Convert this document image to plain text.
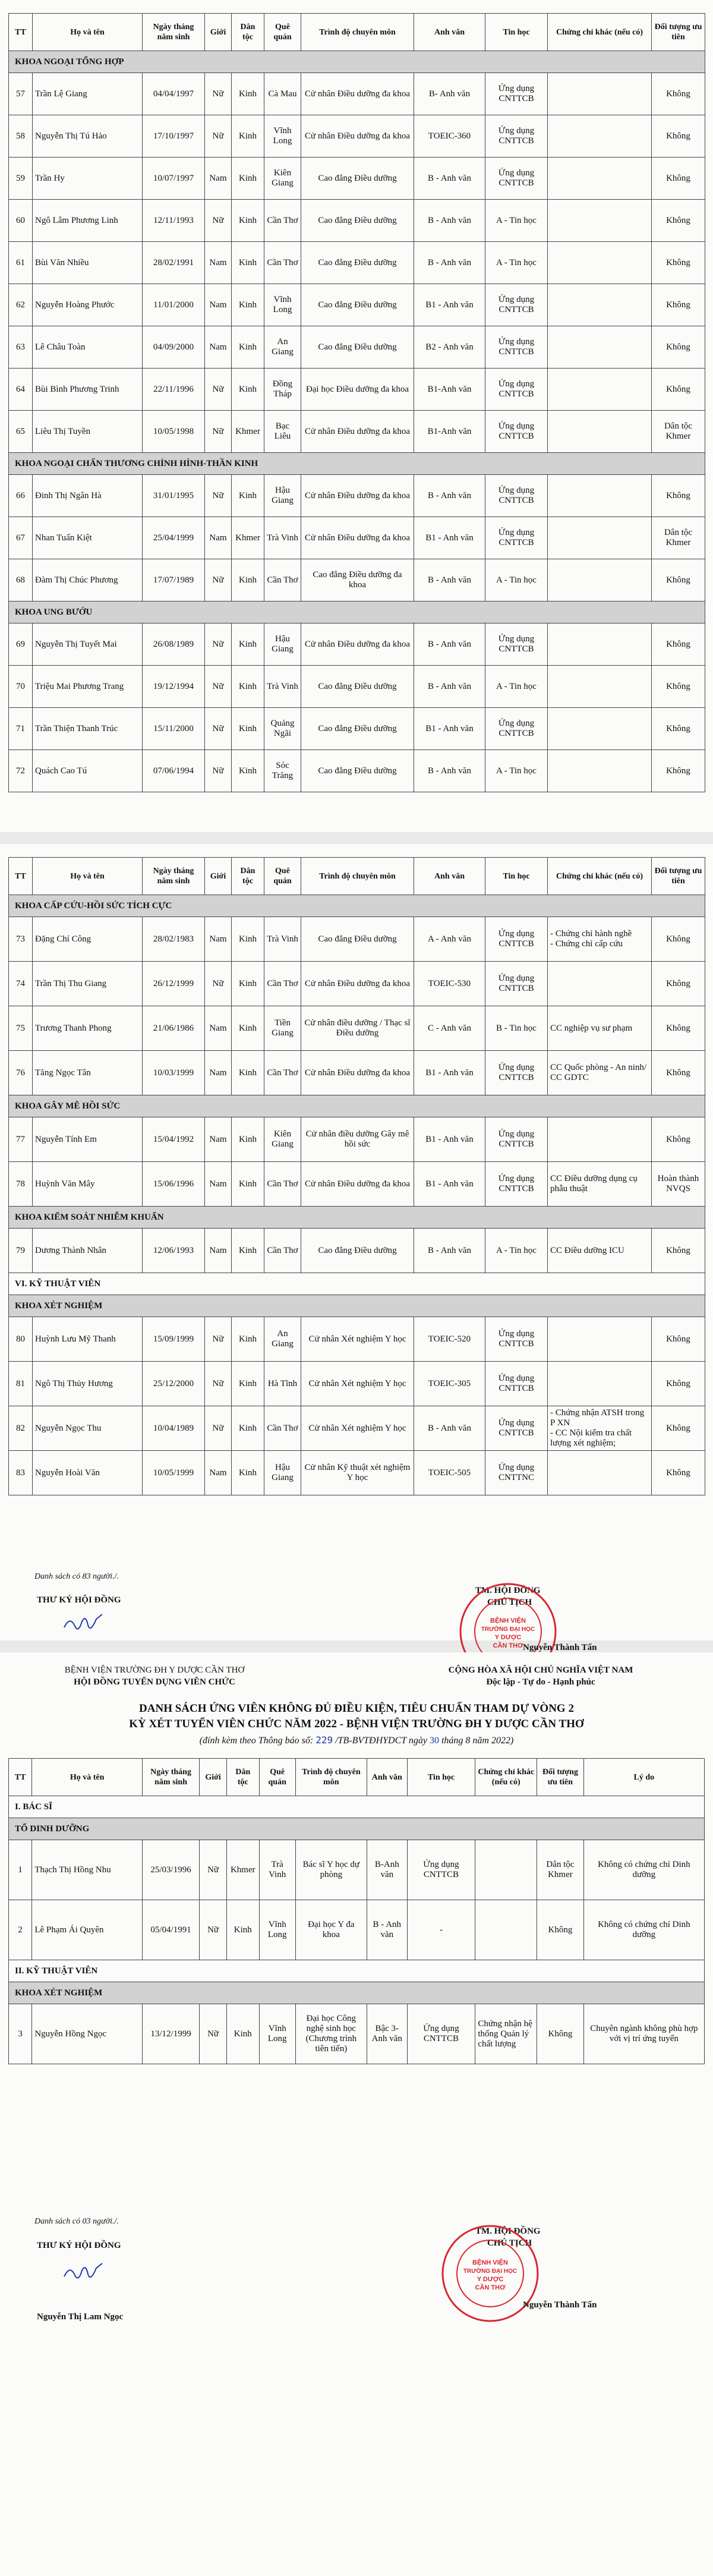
TT	Họ và tên	Ngày tháng năm sinh	Giới	Dân tộc	Quê quán	Trình độ chuyên môn	Anh văn	Tin học	Chứng chỉ khác (nếu có)	Đối tượng ưu tiên
KHOA NGOẠI TỔNG HỢP										
57	Trần Lệ Giang	04/04/1997	Nữ	Kinh	Cà Mau	Cử nhân Điều dưỡng đa khoa	B- Anh văn	Ứng dụng CNTTCB		Không
58	Nguyễn Thị Tú Hảo	17/10/1997	Nữ	Kinh	Vĩnh Long	Cử nhân Điều dưỡng đa khoa	TOEIC-360	Ứng dụng CNTTCB		Không
59	Trần Hy	10/07/1997	Nam	Kinh	Kiên Giang	Cao đẳng Điều dưỡng	B - Anh văn	Ứng dụng CNTTCB		Không
60	Ngô Lâm Phương Linh	12/11/1993	Nữ	Kinh	Cần Thơ	Cao đẳng Điều dưỡng	B - Anh văn	A - Tin học		Không
61	Bùi Văn Nhiều	28/02/1991	Nam	Kinh	Cần Thơ	Cao đẳng Điều dưỡng	B - Anh văn	A - Tin học		Không
62	Nguyễn Hoàng Phước	11/01/2000	Nam	Kinh	Vĩnh Long	Cao đẳng Điều dưỡng	B1 - Anh văn	Ứng dụng CNTTCB		Không
63	Lê Châu Toàn	04/09/2000	Nam	Kinh	An Giang	Cao đẳng Điều dưỡng	B2 - Anh văn	Ứng dụng CNTTCB		Không
64	Bùi Bình Phương Trinh	22/11/1996	Nữ	Kinh	Đồng Tháp	Đại học Điều dưỡng đa khoa	B1-Anh văn	Ứng dụng CNTTCB		Không
65	Liêu Thị Tuyền	10/05/1998	Nữ	Khmer	Bạc Liêu	Cử nhân Điều dưỡng đa khoa	B1-Anh văn	Ứng dụng CNTTCB		Dân tộc Khmer
KHOA NGOẠI CHẤN THƯƠNG CHỈNH HÌNH-THẦN KINH										
66	Đinh Thị Ngân Hà	31/01/1995	Nữ	Kinh	Hậu Giang	Cử nhân Điều dưỡng đa khoa	B - Anh văn	Ứng dụng CNTTCB		Không
67	Nhan Tuấn Kiệt	25/04/1999	Nam	Khmer	Trà Vinh	Cử nhân Điều dưỡng đa khoa	B1 - Anh văn	Ứng dụng CNTTCB		Dân tộc Khmer
68	Đàm Thị Chúc Phương	17/07/1989	Nữ	Kinh	Cần Thơ	Cao đẳng Điều dưỡng đa khoa	B - Anh văn	A - Tin học		Không
KHOA UNG BƯỚU										
69	Nguyễn Thị Tuyết Mai	26/08/1989	Nữ	Kinh	Hậu Giang	Cử nhân Điều dưỡng đa khoa	B - Anh văn	Ứng dụng CNTTCB		Không
70	Triệu Mai Phương Trang	19/12/1994	Nữ	Kinh	Trà Vinh	Cao đẳng Điều dưỡng	B - Anh văn	A - Tin học		Không
71	Trần Thiện Thanh Trúc	15/11/2000	Nữ	Kinh	Quảng Ngãi	Cao đẳng Điều dưỡng	B1 - Anh văn	Ứng dụng CNTTCB		Không
72	Quách Cao Tú	07/06/1994	Nữ	Kinh	Sóc Trăng	Cao đẳng Điều dưỡng	B - Anh văn	A - Tin học		Không
TT	Họ và tên	Ngày tháng năm sinh	Giới	Dân tộc	Quê quán	Trình độ chuyên môn	Anh văn	Tin học	Chứng chỉ khác (nếu có)	Đối tượng ưu tiên
KHOA CẤP CỨU-HỒI SỨC TÍCH CỰC										
73	Đặng Chí Công	28/02/1983	Nam	Kinh	Trà Vinh	Cao đẳng Điều dưỡng	A - Anh văn	Ứng dụng CNTTCB	- Chứng chỉ hành nghề
- Chứng chỉ cấp cứu	Không
74	Trần Thị Thu Giang	26/12/1999	Nữ	Kinh	Cần Thơ	Cử nhân Điều dưỡng đa khoa	TOEIC-530	Ứng dụng CNTTCB		Không
75	Trương Thanh Phong	21/06/1986	Nam	Kinh	Tiền Giang	Cử nhân điều dưỡng / Thạc sĩ Điều dưỡng	C - Anh văn	B - Tin học	CC nghiệp vụ sư phạm	Không
76	Tăng Ngọc Tân	10/03/1999	Nam	Kinh	Cần Thơ	Cử nhân Điều dưỡng đa khoa	B1 - Anh văn	Ứng dụng CNTTCB	CC Quốc phòng - An ninh/ CC GDTC	Không
KHOA GÂY MÊ HỒI SỨC										
77	Nguyễn Tính Em	15/04/1992	Nam	Kinh	Kiên Giang	Cử nhân điều dưỡng Gây mê hồi sức	B1 - Anh văn	Ứng dụng CNTTCB		Không
78	Huỳnh Văn Mây	15/06/1996	Nam	Kinh	Cần Thơ	Cử nhân Điều dưỡng đa khoa	B1 - Anh văn	Ứng dụng CNTTCB	CC Điều dưỡng dụng cụ phẫu thuật	Hoàn thành NVQS
KHOA KIỂM SOÁT NHIỄM KHUẨN										
79	Dương Thành Nhân	12/06/1993	Nam	Kinh	Cần Thơ	Cao đẳng Điều dưỡng	B - Anh văn	A - Tin học	CC Điều dưỡng ICU	Không
VI. KỸ THUẬT VIÊN										
KHOA XÉT NGHIỆM										
80	Huỳnh Lưu Mỹ Thanh	15/09/1999	Nữ	Kinh	An Giang	Cử nhân Xét nghiệm Y học	TOEIC-520	Ứng dụng CNTTCB		Không
81	Ngô Thị Thủy Hương	25/12/2000	Nữ	Kinh	Hà Tĩnh	Cử nhân Xét nghiệm Y học	TOEIC-305	Ứng dụng CNTTCB		Không
82	Nguyễn Ngọc Thu	10/04/1989	Nữ	Kinh	Cần Thơ	Cử nhân Xét nghiệm Y học	B - Anh văn	Ứng dụng CNTTCB	- Chứng nhận ATSH trong P XN
- CC Nội kiểm tra chất lượng xét nghiệm;	Không
83	Nguyễn Hoài Văn	10/05/1999	Nam	Kinh	Hậu Giang	Cử nhân Kỹ thuật xét nghiệm Y học	TOEIC-505	Ứng dụng CNTTNC		Không
Danh sách có 83 người./.
THƯ KÝ HỘI ĐỒNG
TM. HỘI ĐỒNG
CHỦ TỊCH
BỆNH VIỆN
TRƯỜNG ĐẠI HỌC
Y DƯỢC
CẦN THƠ Nguyễn Thành Tấn
BỆNH VIỆN TRƯỜNG ĐH Y DƯỢC CẦN THƠ
HỘI ĐỒNG TUYỂN DỤNG VIÊN CHỨC
CỘNG HÒA XÃ HỘI CHỦ NGHĨA VIỆT NAM
Độc lập - Tự do - Hạnh phúc
DANH SÁCH ỨNG VIÊN KHÔNG ĐỦ ĐIỀU KIỆN, TIÊU CHUẨN THAM DỰ VÒNG 2
KỲ XÉT TUYỂN VIÊN CHỨC NĂM 2022 - BỆNH VIỆN TRƯỜNG ĐH Y DƯỢC CẦN THƠ
(đính kèm theo Thông báo số: 229 /TB-BVTĐHYDCT ngày 30 tháng 8 năm 2022)
TT	Họ và tên	Ngày tháng năm sinh	Giới	Dân tộc	Quê quán	Trình độ chuyên môn	Anh văn	Tin học	Chứng chỉ khác (nếu có)	Đối tượng ưu tiên	Lý do
I. BÁC SĨ											
TỔ DINH DƯỠNG											
1	Thạch Thị Hồng Nhu	25/03/1996	Nữ	Khmer	Trà Vinh	Bác sĩ Y học dự phòng	B-Anh văn	Ứng dụng CNTTCB		Dân tộc Khmer	Không có chứng chỉ Dinh dưỡng
2	Lê Phạm Ái Quyên	05/04/1991	Nữ	Kinh	Vĩnh Long	Đại học Y đa khoa	B - Anh văn	-		Không	Không có chứng chỉ Dinh dưỡng
II. KỸ THUẬT VIÊN											
KHOA XÉT NGHIỆM											
3	Nguyễn Hồng Ngọc	13/12/1999	Nữ	Kinh	Vĩnh Long	Đại học Công nghệ sinh học (Chương trình tiên tiến)	Bậc 3- Anh văn	Ứng dụng CNTTCB	Chứng nhận hệ thống Quản lý chất lượng	Không	Chuyên ngành không phù hợp với vị trí ứng tuyển
Danh sách có 03 người./.
THƯ KÝ HỘI ĐỒNG
Nguyễn Thị Lam Ngọc
TM. HỘI ĐỒNG
CHỦ TỊCH
BỆNH VIỆN
TRƯỜNG ĐẠI HỌC
Y DƯỢC
CẦN THƠ
Nguyễn Thành Tấn
